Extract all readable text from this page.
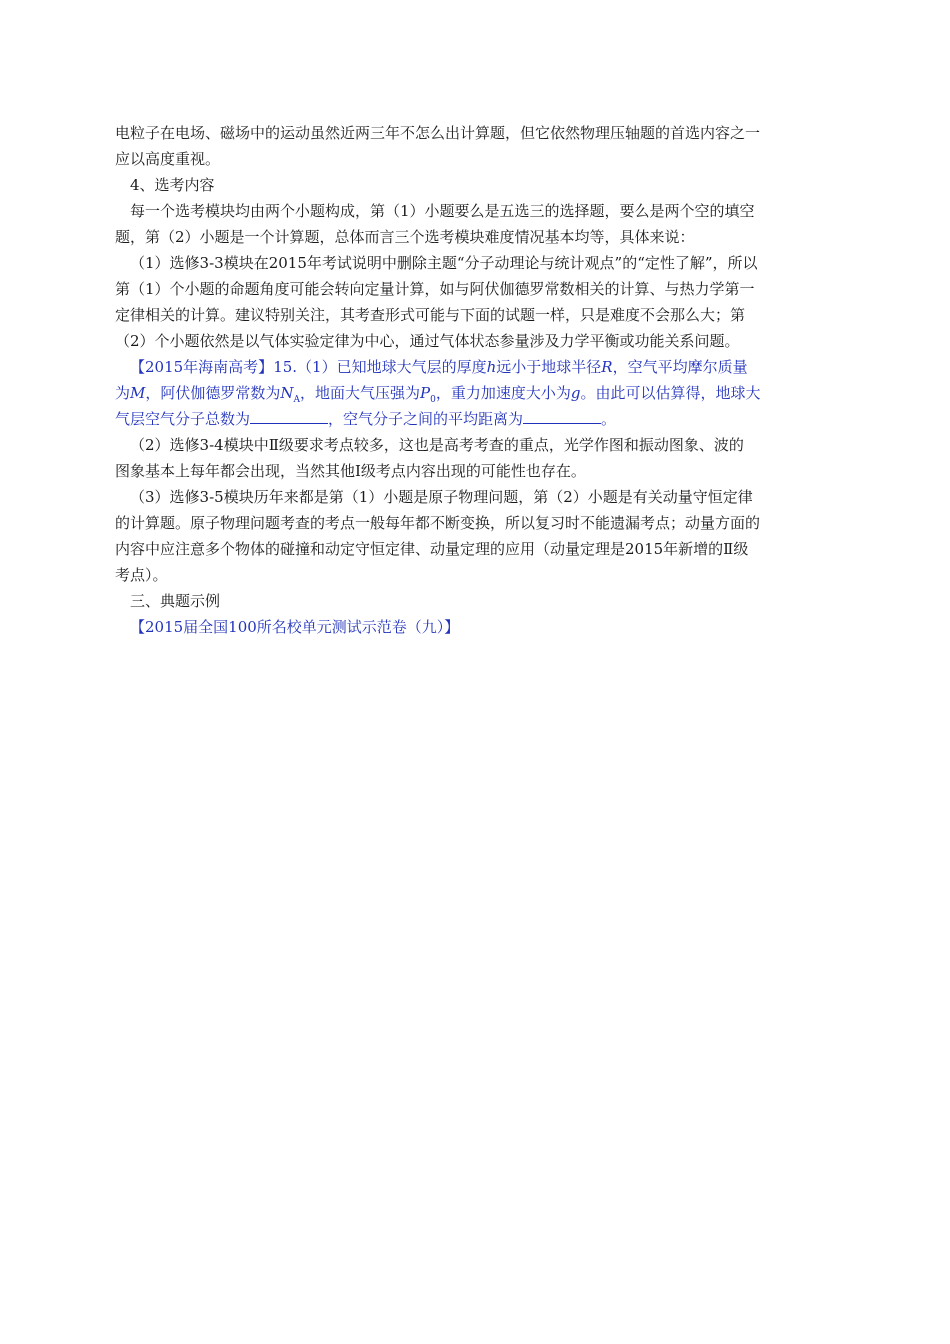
电粒子在电场、磁场中的运动虽然近两三年不怎么出计算题，但它依然物理压轴题的首选内容之一
应以高度重视。
4、选考内容
每一个选考模块均由两个小题构成，第（1）小题要么是五选三的选择题，要么是两个空的填空
题，第（2）小题是一个计算题，总体而言三个选考模块难度情况基本均等，具体来说：
（1）选修3-3模块在2015年考试说明中删除主题“分子动理论与统计观点”的“定性了解”，所以
第（1）个小题的命题角度可能会转向定量计算，如与阿伏伽德罗常数相关的计算、与热力学第一
定律相关的计算。建议特别关注，其考查形式可能与下面的试题一样，只是难度不会那么大；第
（2）个小题依然是以气体实验定律为中心，通过气体状态参量涉及力学平衡或功能关系问题。
【2015年海南高考】15.（1）已知地球大气层的厚度h远小于地球半径R，空气平均摩尔质量
为M，阿伏伽德罗常数为$N_A$，地面大气压强为$P_0$，重力加速度大小为g。由此可以估算得，地球大
气层空气分子总数为	，空气分子之间的平均距离为	。
（2）选修3-4模块中Ⅱ级要求考点较多，这也是高考考查的重点，光学作图和振动图象、波的
图象基本上每年都会出现，当然其他Ⅰ级考点内容出现的可能性也存在。
（3）选修3-5模块历年来都是第（1）小题是原子物理问题，第（2）小题是有关动量守恒定律
的计算题。原子物理问题考查的考点一般每年都不断变换，所以复习时不能遗漏考点；动量方面的
内容中应注意多个物体的碰撞和动定守恒定律、动量定理的应用（动量定理是2015年新增的Ⅱ级
考点）。
三、典题示例
【2015届全国100所名校单元测试示范卷（九）】
